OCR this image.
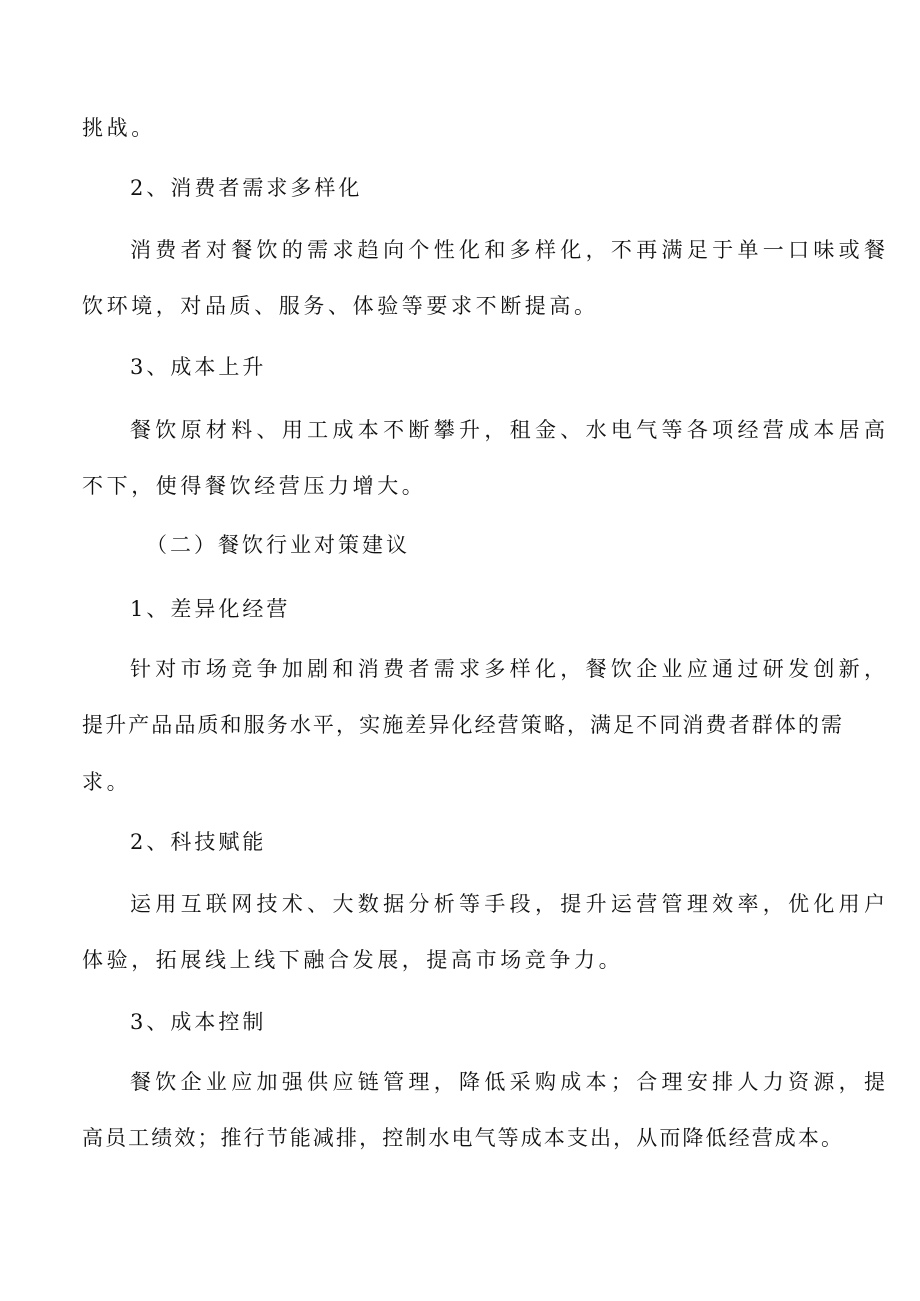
挑战。
2、消费者需求多样化
消费者对餐饮的需求趋向个性化和多样化，不再满足于单一口味或餐
饮环境，对品质、服务、体验等要求不断提高。
3、成本上升
餐饮原材料、用工成本不断攀升，租金、水电气等各项经营成本居高
不下，使得餐饮经营压力增大。
（二）餐饮行业对策建议
1、差异化经营
针对市场竞争加剧和消费者需求多样化，餐饮企业应通过研发创新，
提升产品品质和服务水平，实施差异化经营策略，满足不同消费者群体的需
求。
2、科技赋能
运用互联网技术、大数据分析等手段，提升运营管理效率，优化用户
体验，拓展线上线下融合发展，提高市场竞争力。
3、成本控制
餐饮企业应加强供应链管理，降低采购成本；合理安排人力资源，提
高员工绩效；推行节能减排，控制水电气等成本支出，从而降低经营成本。
